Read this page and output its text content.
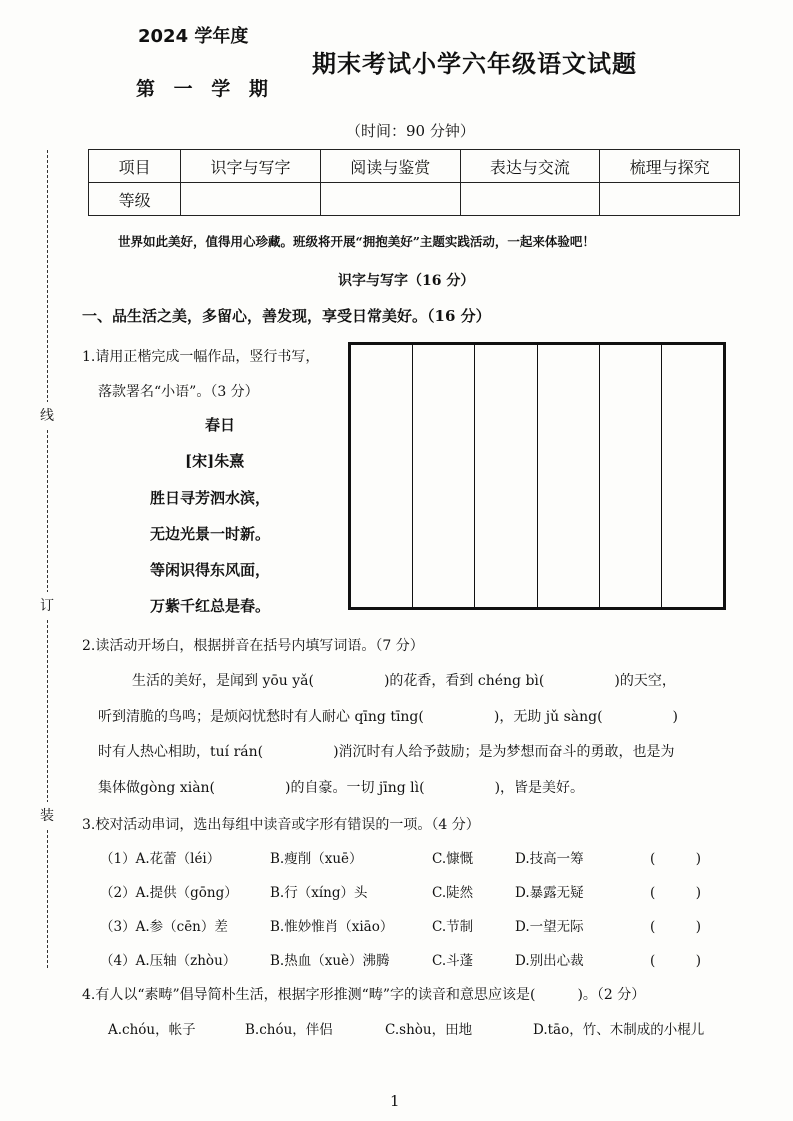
2024 学年度
第 一 学 期
期末考试小学六年级语文试题
（时间：90 分钟）
线
订
装
项目	识字与写字	阅读与鉴赏	表达与交流	梳理与探究
等级				
世界如此美好，值得用心珍藏。班级将开展“拥抱美好”主题实践活动，一起来体验吧！
识字与写字（16 分）
一、品生活之美，多留心，善发现，享受日常美好。（16 分）
1.请用正楷完成一幅作品，竖行书写，
落款署名“小语”。（3 分）
春日
[宋]朱熹
胜日寻芳泗水滨，
无边光景一时新。
等闲识得东风面，
万紫千红总是春。
2.读活动开场白，根据拼音在括号内填写词语。（7 分）
生活的美好，是闻到 yōu yǎ(　　　　　)的花香，看到 chéng bì(　　　　　)的天空，
听到清脆的鸟鸣；是烦闷忧愁时有人耐心 qīng tīng(　　　　　)，无助 jǔ sàng(　　　　　)
时有人热心相助，tuí rán(　　　　　)消沉时有人给予鼓励；是为梦想而奋斗的勇敢，也是为
集体做gòng xiàn(　　　　　)的自豪。一切 jīng lì(　　　　　)，皆是美好。
3.校对活动串词，选出每组中读音或字形有错误的一项。（4 分）
（1）A.花蕾（léi）	B.瘦削（xuē）	C.慷慨	D.技高一筹	(　　　)
（2）A.提供（gōng） B.行（xíng）头	C.陡然	D.暴露无疑	(　　　)
（3）A.参（cēn）差	B.惟妙惟肖（xiāo）	C.节制	D.一望无际	(　　　)
（4）A.压轴（zhòu） B.热血（xuè）沸腾	C.斗蓬	D.别出心裁	(　　　)
4.有人以“素畴”倡导简朴生活，根据字形推测“畴”字的读音和意思应该是(　　　)。（2 分）
A.chóu，帐子	B.chóu，伴侣	C.shòu，田地	D.tāo，竹、木制成的小棍儿
1
